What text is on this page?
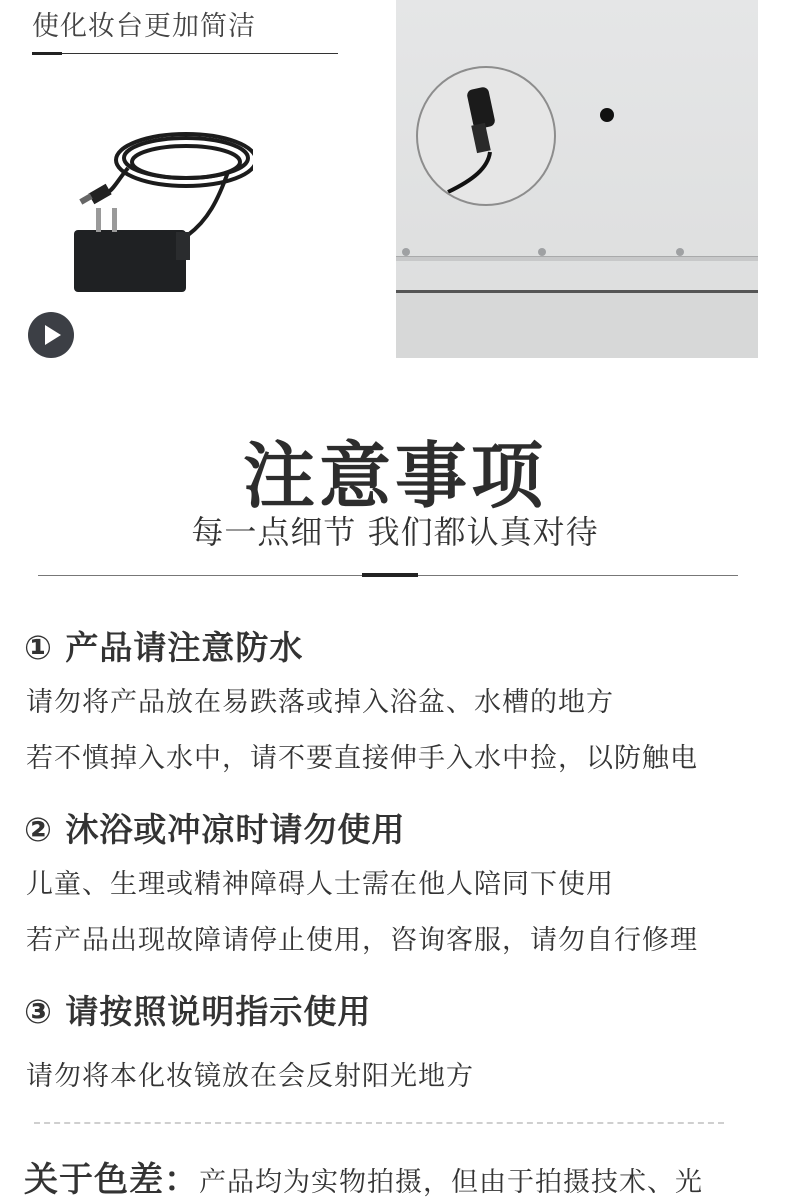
使化妆台更加简洁
注意事项
每一点细节 我们都认真对待
① 产品请注意防水
请勿将产品放在易跌落或掉入浴盆、水槽的地方
若不慎掉入水中，请不要直接伸手入水中捡，以防触电
② 沐浴或冲凉时请勿使用
儿童、生理或精神障碍人士需在他人陪同下使用
若产品出现故障请停止使用，咨询客服，请勿自行修理
③ 请按照说明指示使用
请勿将本化妆镜放在会反射阳光地方
关于色差：产品均为实物拍摄，但由于拍摄技术、光
